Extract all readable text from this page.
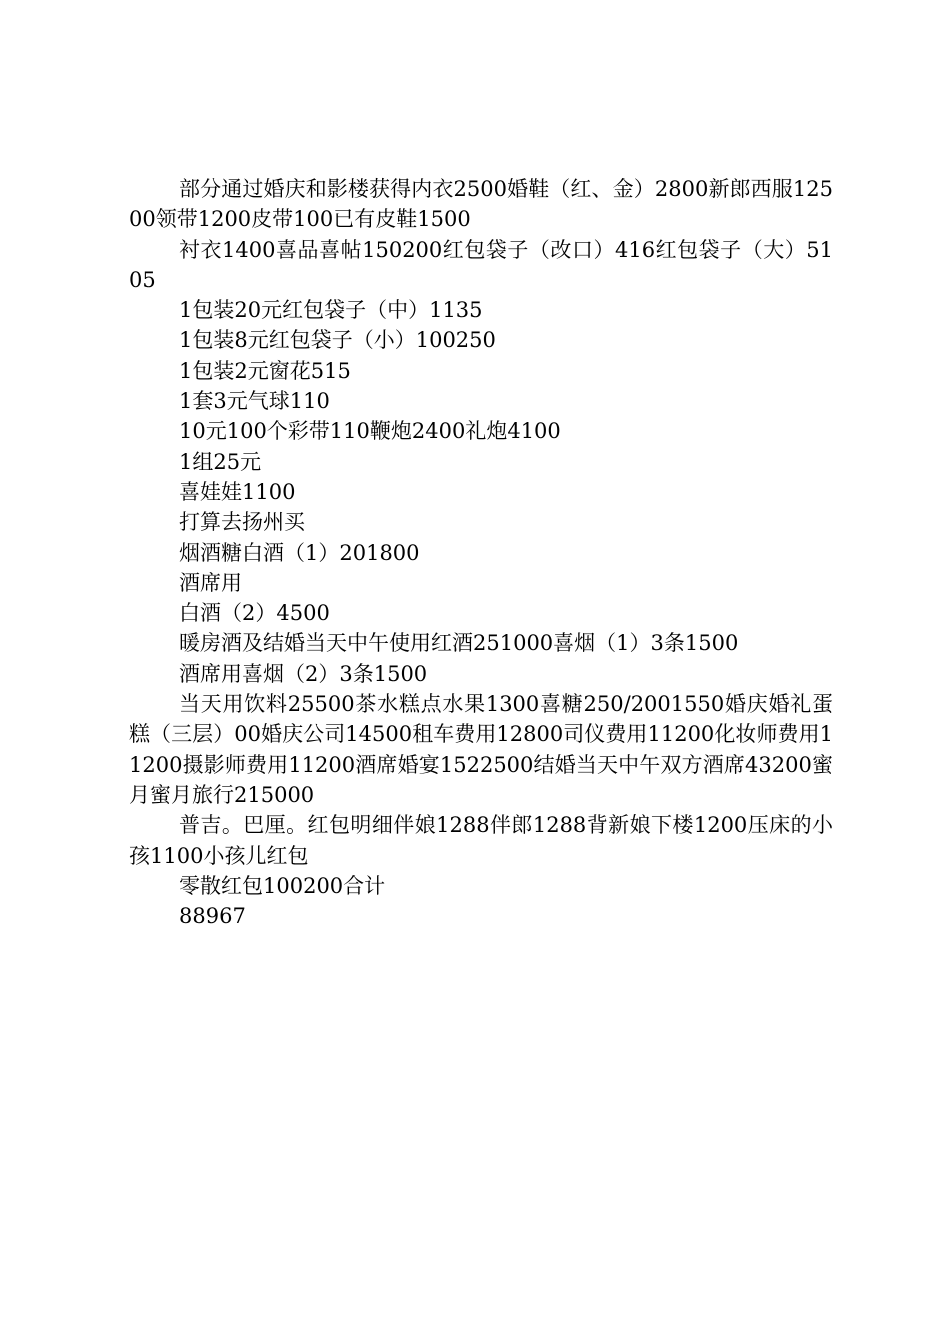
部分通过婚庆和影楼获得内衣2500婚鞋（红、金）2800新郎西服12500领带1200皮带100已有皮鞋1500

衬衣1400喜品喜帖150200红包袋子（改口）416红包袋子（大）5105

1包装20元红包袋子（中）1135

1包装8元红包袋子（小）100250

1包装2元窗花515

1套3元气球110

10元100个彩带110鞭炮2400礼炮4100

1组25元

喜娃娃1100

打算去扬州买

烟酒糖白酒（1）201800

酒席用

白酒（2）4500

暖房酒及结婚当天中午使用红酒251000喜烟（1）3条1500

酒席用喜烟（2）3条1500

当天用饮料25500茶水糕点水果1300喜糖250/2001550婚庆婚礼蛋糕（三层）00婚庆公司14500租车费用12800司仪费用11200化妆师费用11200摄影师费用11200酒席婚宴1522500结婚当天中午双方酒席43200蜜月蜜月旅行215000

普吉。巴厘。红包明细伴娘1288伴郎1288背新娘下楼1200压床的小孩1100小孩儿红包

零散红包100200合计

88967
